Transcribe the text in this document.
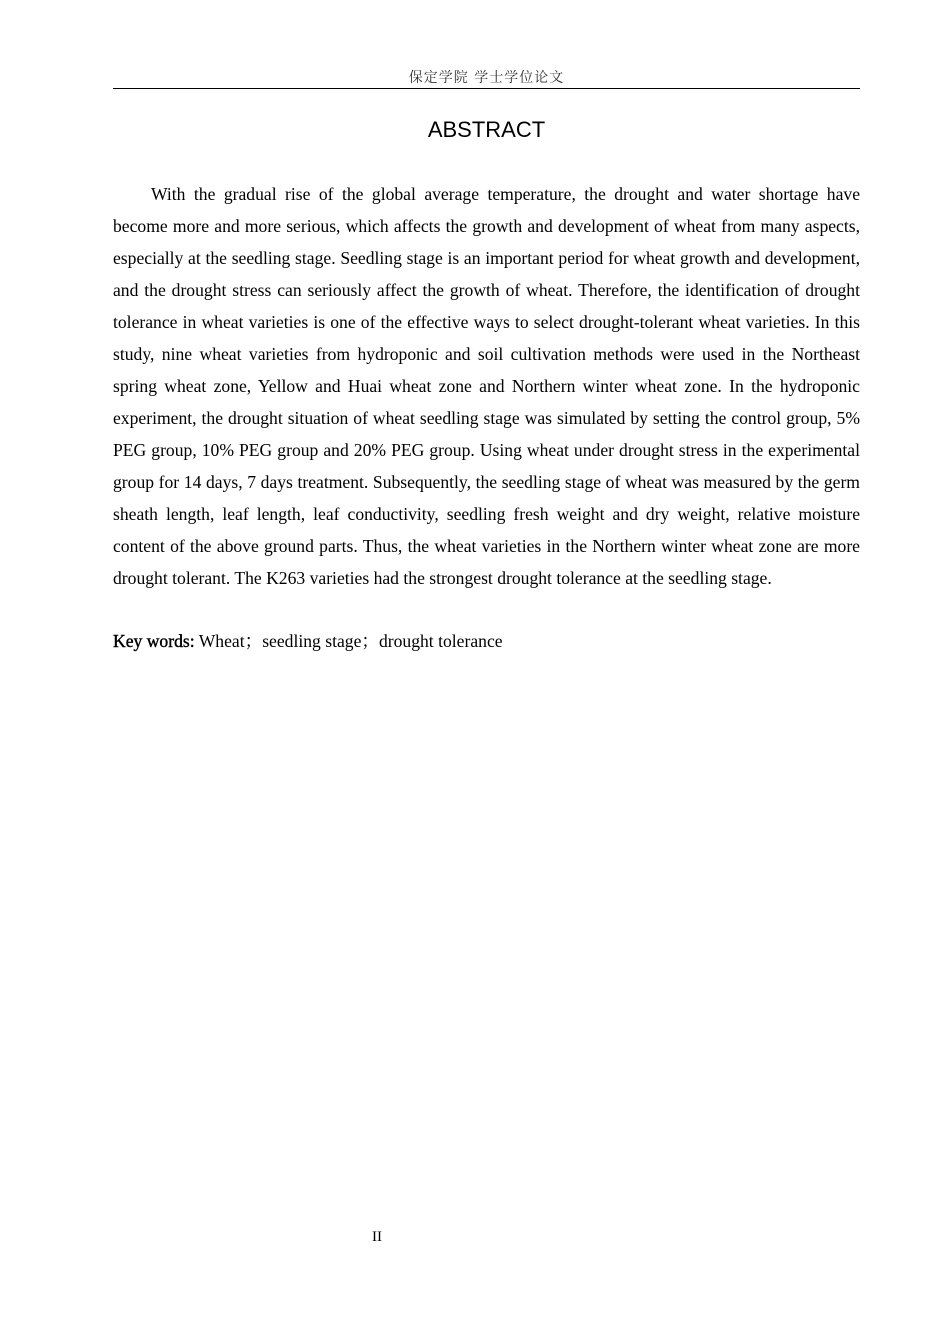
保定学院 学士学位论文
ABSTRACT

With the gradual rise of the global average temperature, the drought and water shortage have become more and more serious, which affects the growth and development of wheat from many aspects, especially at the seedling stage. Seedling stage is an important period for wheat growth and development, and the drought stress can seriously affect the growth of wheat. Therefore, the identification of drought tolerance in wheat varieties is one of the effective ways to select drought-tolerant wheat varieties. In this study, nine wheat varieties from hydroponic and soil cultivation methods were used in the Northeast spring wheat zone, Yellow and Huai wheat zone and Northern winter wheat zone. In the hydroponic experiment, the drought situation of wheat seedling stage was simulated by setting the control group, 5% PEG group, 10% PEG group and 20% PEG group. Using wheat under drought stress in the experimental group for 14 days, 7 days treatment. Subsequently, the seedling stage of wheat was measured by the germ sheath length, leaf length, leaf conductivity, seedling fresh weight and dry weight, relative moisture content of the above ground parts. Thus, the wheat varieties in the Northern winter wheat zone are more drought tolerant. The K263 varieties had the strongest drought tolerance at the seedling stage.

Key words: Wheat；seedling stage；drought tolerance

II
